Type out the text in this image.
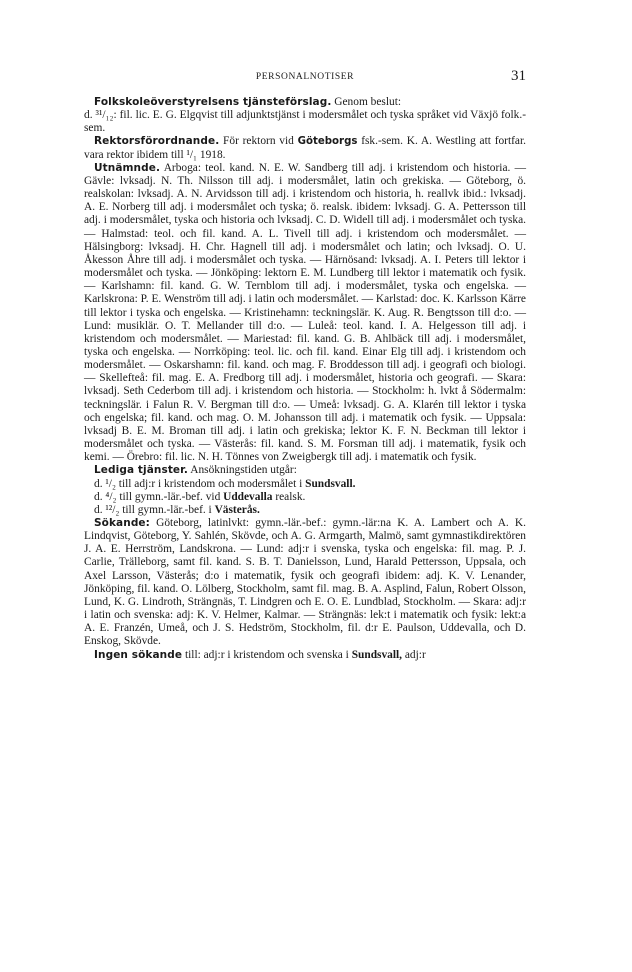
PERSONALNOTISER	31

Folkskoleöverstyrelsens tjänsteförslag. Genom beslut:
d. ³¹/₁₂: fil. lic. E. G. Elgqvist till adjunktstjänst i modersmålet och tyska språket vid Växjö folk.-sem.

Rektorsförordnande. För rektorn vid Göteborgs fsk.-sem. K. A. Westling att fortfar. vara rektor ibidem till ¹/₁ 1918.

Utnämnde. Arboga: teol. kand. N. E. W. Sandberg till adj. i kristendom och historia. — Gävle: lvksadj. N. Th. Nilsson till adj. i modersmålet, latin och grekiska. — Göteborg, ö. realskolan: lvksadj. A. N. Arvidsson till adj. i kristendom och historia, h. reallvk ibid.: lvksadj. A. E. Norberg till adj. i modersmålet och tyska; ö. realsk. ibidem: lvksadj. G. A. Pettersson till adj. i modersmålet, tyska och historia och lvksadj. C. D. Widell till adj. i modersmålet och tyska. — Halmstad: teol. och fil. kand. A. L. Tivell till adj. i kristendom och modersmålet. — Hälsingborg: lvksadj. H. Chr. Hagnell till adj. i modersmålet och latin; och lvksadj. O. U. Åkesson Åhre till adj. i modersmålet och tyska. — Härnösand: lvksadj. A. I. Peters till lektor i modersmålet och tyska. — Jönköping: lektorn E. M. Lundberg till lektor i matematik och fysik. — Karlshamn: fil. kand. G. W. Ternblom till adj. i modersmålet, tyska och engelska. — Karlskrona: P. E. Wenström till adj. i latin och modersmålet. — Karlstad: doc. K. Karlsson Kärre till lektor i tyska och engelska. — Kristinehamn: teckningslär. K. Aug. R. Bengtsson till d:o. — Lund: musiklär. O. T. Mellander till d:o. — Luleå: teol. kand. I. A. Helgesson till adj. i kristendom och modersmålet. — Mariestad: fil. kand. G. B. Ahlbäck till adj. i modersmålet, tyska och engelska. — Norrköping: teol. lic. och fil. kand. Einar Elg till adj. i kristendom och modersmålet. — Oskarshamn: fil. kand. och mag. F. Broddesson till adj. i geografi och biologi. — Skellefteå: fil. mag. E. A. Fredborg till adj. i modersmålet, historia och geografi. — Skara: lvksadj. Seth Cederbom till adj. i kristendom och historia. — Stockholm: h. lvkt å Södermalm: teckningslär. i Falun R. V. Bergman till d:o. — Umeå: lvksadj. G. A. Klarén till lektor i tyska och engelska; fil. kand. och mag. O. M. Johansson till adj. i matematik och fysik. — Uppsala: lvksadj B. E. M. Broman till adj. i latin och grekiska; lektor K. F. N. Beckman till lektor i modersmålet och tyska. — Västerås: fil. kand. S. M. Forsman till adj. i matematik, fysik och kemi. — Örebro: fil. lic. N. H. Tönnes von Zweigbergk till adj. i matematik och fysik.

Lediga tjänster. Ansökningstiden utgår:

d. ¹/₂ till adj:r i kristendom och modersmålet i Sundsvall.

d. ⁴/₂ till gymn.-lär.-bef. vid Uddevalla realsk.

d. ¹²/₂ till gymn.-lär.-bef. i Västerås.

Sökande: Göteborg, latinlvkt: gymn.-lär.-bef.: gymn.-lär:na K. A. Lambert och A. K. Lindqvist, Göteborg, Y. Sahlén, Skövde, och A. G. Armgarth, Malmö, samt gymnastikdirektören J. A. E. Herrström, Landskrona. — Lund: adj:r i svenska, tyska och engelska: fil. mag. P. J. Carlie, Trälleborg, samt fil. kand. S. B. T. Danielsson, Lund, Harald Pettersson, Uppsala, och Axel Larsson, Västerås; d:o i matematik, fysik och geografi ibidem: adj. K. V. Lenander, Jönköping, fil. kand. O. Lölberg, Stockholm, samt fil. mag. B. A. Asplind, Falun, Robert Olsson, Lund, K. G. Lindroth, Strängnäs, T. Lindgren och E. O. E. Lundblad, Stockholm. — Skara: adj:r i latin och svenska: adj: K. V. Helmer, Kalmar. — Strängnäs: lek:t i matematik och fysik: lekt:a A. E. Franzén, Umeå, och J. S. Hedström, Stockholm, fil. d:r E. Paulson, Uddevalla, och D. Enskog, Skövde.

Ingen sökande till: adj:r i kristendom och svenska i Sundsvall, adj:r
